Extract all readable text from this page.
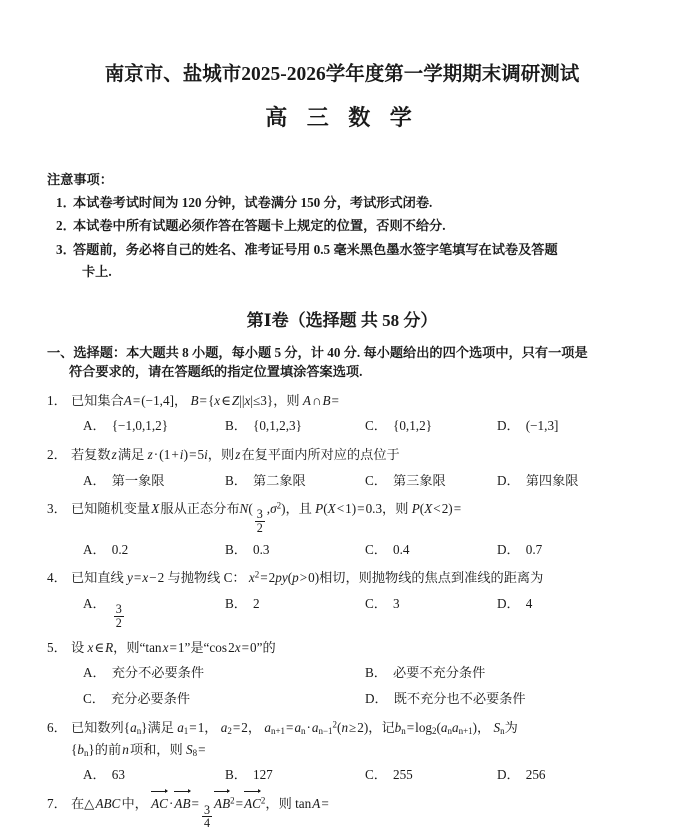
南京市、盐城市2025-2026学年度第一学期期末调研测试
高 三 数 学
注意事项：
1．
本试卷考试时间为 120 分钟，试卷满分 150 分，考试形式闭卷.
2．
本试卷中所有试题必须作答在答题卡上规定的位置，否则不给分.
3．
答题前，务必将自己的姓名、准考证号用 0.5 毫米黑色墨水签字笔填写在试卷及答题
卡上.
第Ⅰ卷（选择题 共 58 分）
一、选择题：本大题共 8 小题，每小题 5 分，计 40 分. 每小题给出的四个选项中，只有一项是
符合要求的，请在答题纸的指定位置填涂答案选项.
1． 已知集合A=(−1,4]， B={x∈Z||x|≤3}，则 A∩B=
A． {−1,0,1,2}	B． {0,1,2,3}	C． {0,1,2}	D． (−1,3]
2． 若复数 z 满足 z·(1+i)=5i，则 z 在复平面内所对应的点位于
A． 第一象限	B． 第二象限	C． 第三象限	D． 第四象限
3． 已知随机变量 X 服从正态分布N(
$\frac{3}{2}$
$,\sigma^2$)，且 P(X<1)=0.3，则 P(X<2)=
A． 0.2	B． 0.3	C． 0.4	D． 0.7
4． 已知直线 y=x−2 与抛物线 C： $x^2=2py(p>0)$相切，则抛物线的焦点到准线的距离为
A．
$\frac{3}{2}$
B． 2	C． 3	D． 4
5． 设 x∈R，则“tan x=1”是“cos 2x=0”的
A． 充分不必要条件	B． 必要不充分条件
C． 充分必要条件	D． 既不充分也不必要条件
6． 已知数列$\{a_n\}$满足 $a_1=1$， $a_2=2$， $a_{n+1}=a_n\cdot a_{n-1}^2(n\ge 2)$，记$b_n=\log_2(a_na_{n+1})$， $S_n$为
$\{b_n\}$的前 n 项和，则 $S_8=$
A． 63	B． 127	C． 255	D． 256
7． 在△ ABC 中， AC·AB=
$\frac{3}{4}$
$AB^2=AC^2$，则 tan A=
